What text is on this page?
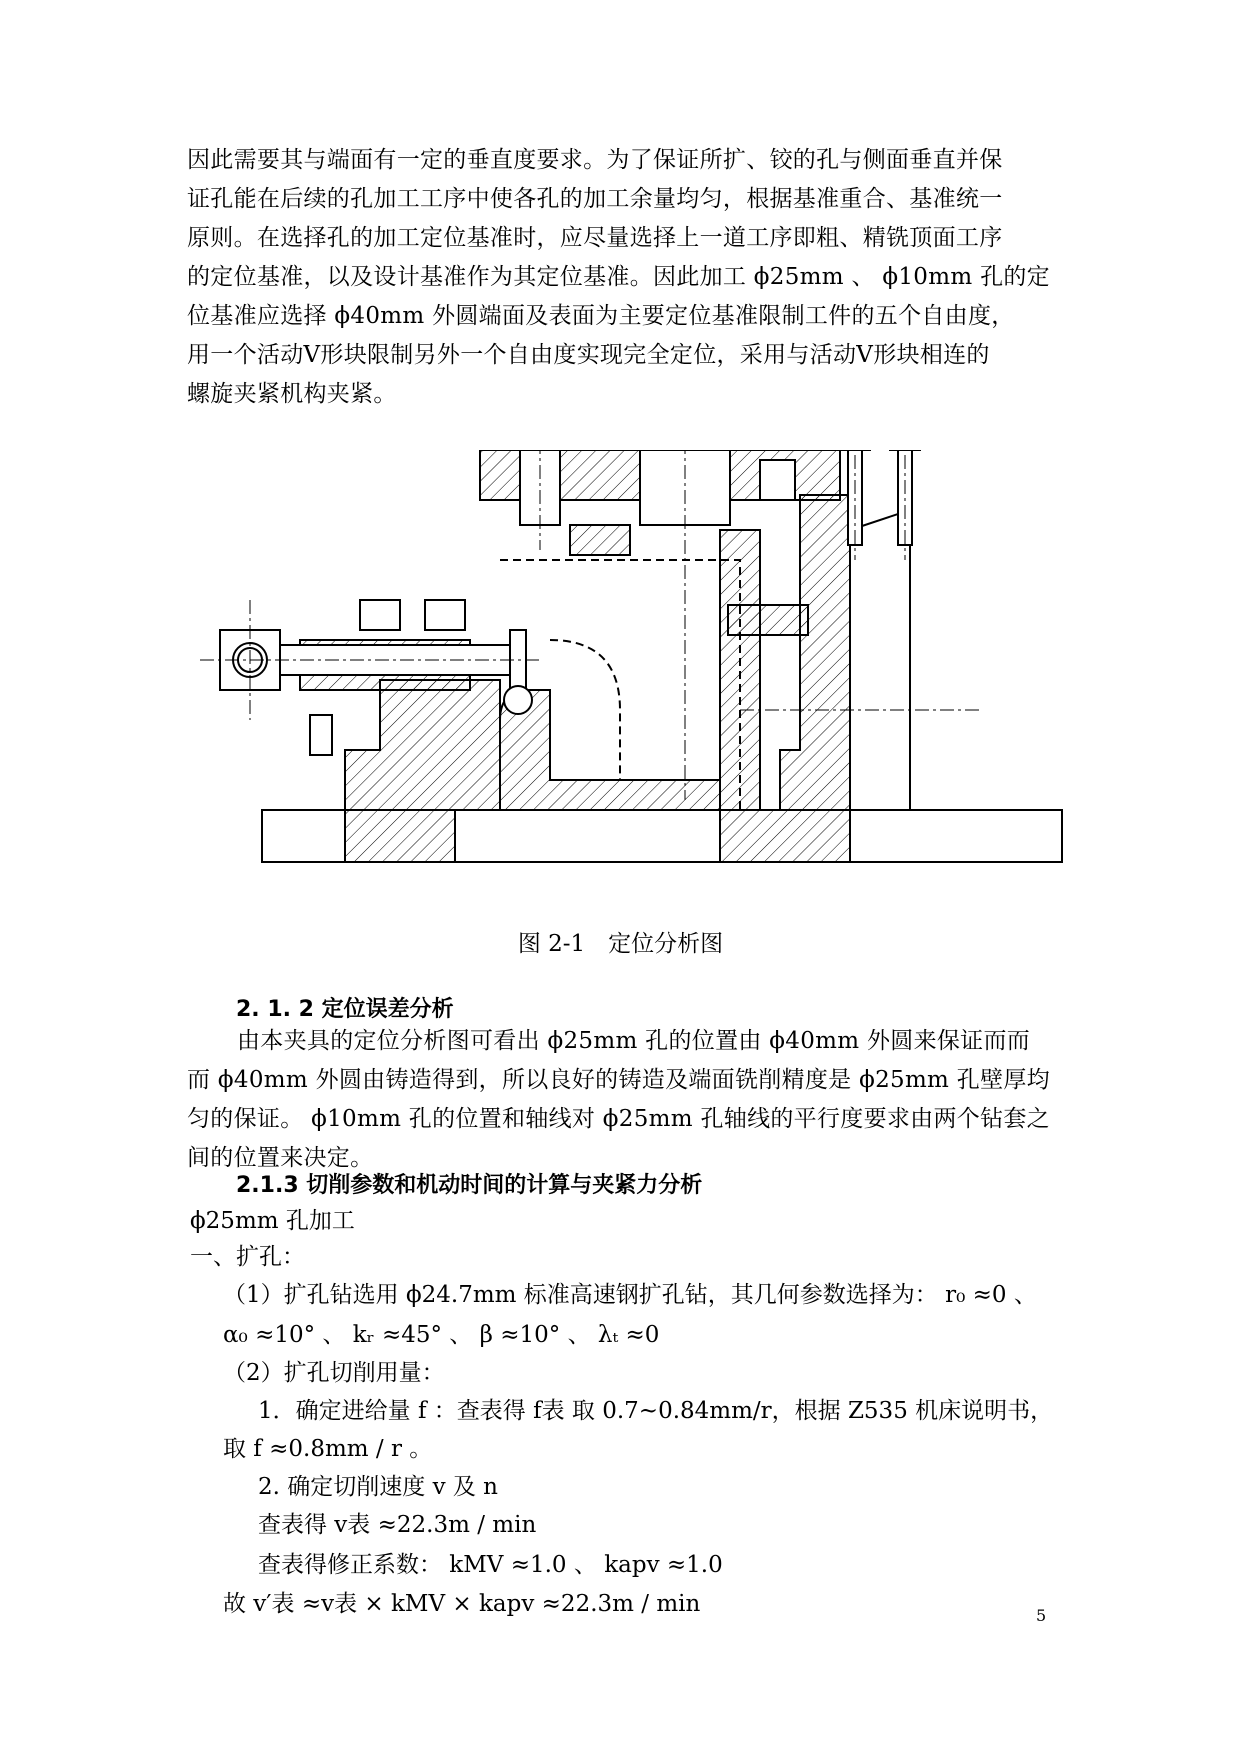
因此需要其与端面有一定的垂直度要求。为了保证所扩、铰的孔与侧面垂直并保
证孔能在后续的孔加工工序中使各孔的加工余量均匀，根据基准重合、基准统一
原则。在选择孔的加工定位基准时，应尽量选择上一道工序即粗、精铣顶面工序
的定位基准，以及设计基准作为其定位基准。因此加工 ϕ25mm 、 ϕ10mm 孔的定
位基准应选择 ϕ40mm 外圆端面及表面为主要定位基准限制工件的五个自由度，
用一个活动V形块限制另外一个自由度实现完全定位，采用与活动V形块相连的
螺旋夹紧机构夹紧。
图 2-1　定位分析图
2. 1. 2 定位误差分析
由本夹具的定位分析图可看出 ϕ25mm 孔的位置由 ϕ40mm 外圆来保证而而
而 ϕ40mm 外圆由铸造得到，所以良好的铸造及端面铣削精度是 ϕ25mm 孔壁厚均
匀的保证。 ϕ10mm 孔的位置和轴线对 ϕ25mm 孔轴线的平行度要求由两个钻套之
间的位置来决定。
2.1.3 切削参数和机动时间的计算与夹紧力分析
ϕ25mm 孔加工
一、扩孔：
（1）扩孔钻选用 ϕ24.7mm 标准高速钢扩孔钻，其几何参数选择为： r₀ ≈0 、
α₀ ≈10° 、 kᵣ ≈45° 、 β ≈10° 、 λₜ ≈0
（2）扩孔切削用量：
1．确定进给量 f ：查表得 f表 取 0.7~0.84mm/r，根据 Z535 机床说明书，
取 f ≈0.8mm / r 。
2. 确定切削速度 v 及 n
查表得 v表 ≈22.3m / min
查表得修正系数： kMV ≈1.0 、 kapv ≈1.0
故 v′表 ≈v表 × kMV × kapv ≈22.3m / min	5
